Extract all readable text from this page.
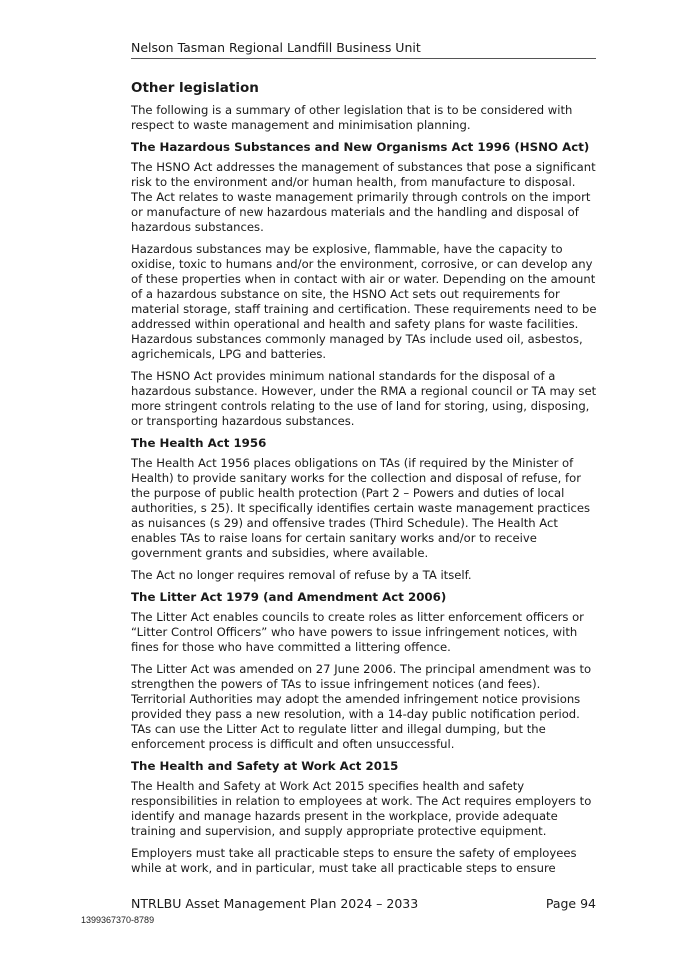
Nelson Tasman Regional Landfill Business Unit
Other legislation

The following is a summary of other legislation that is to be considered with respect to waste management and minimisation planning.

The Hazardous Substances and New Organisms Act 1996 (HSNO Act)

The HSNO Act addresses the management of substances that pose a significant risk to the environment and/or human health, from manufacture to disposal. The Act relates to waste management primarily through controls on the import or manufacture of new hazardous materials and the handling and disposal of hazardous substances.

Hazardous substances may be explosive, flammable, have the capacity to oxidise, toxic to humans and/or the environment, corrosive, or can develop any of these properties when in contact with air or water. Depending on the amount of a hazardous substance on site, the HSNO Act sets out requirements for material storage, staff training and certification. These requirements need to be addressed within operational and health and safety plans for waste facilities. Hazardous substances commonly managed by TAs include used oil, asbestos, agrichemicals, LPG and batteries.

The HSNO Act provides minimum national standards for the disposal of a hazardous substance. However, under the RMA a regional council or TA may set more stringent controls relating to the use of land for storing, using, disposing, or transporting hazardous substances.

The Health Act 1956

The Health Act 1956 places obligations on TAs (if required by the Minister of Health) to provide sanitary works for the collection and disposal of refuse, for the purpose of public health protection (Part 2 – Powers and duties of local authorities, s 25). It specifically identifies certain waste management practices as nuisances (s 29) and offensive trades (Third Schedule). The Health Act enables TAs to raise loans for certain sanitary works and/or to receive government grants and subsidies, where available.

The Act no longer requires removal of refuse by a TA itself.

The Litter Act 1979 (and Amendment Act 2006)

The Litter Act enables councils to create roles as litter enforcement officers or “Litter Control Officers” who have powers to issue infringement notices, with fines for those who have committed a littering offence.

The Litter Act was amended on 27 June 2006. The principal amendment was to strengthen the powers of TAs to issue infringement notices (and fees). Territorial Authorities may adopt the amended infringement notice provisions provided they pass a new resolution, with a 14-day public notification period. TAs can use the Litter Act to regulate litter and illegal dumping, but the enforcement process is difficult and often unsuccessful.

The Health and Safety at Work Act 2015

The Health and Safety at Work Act 2015 specifies health and safety responsibilities in relation to employees at work. The Act requires employers to identify and manage hazards present in the workplace, provide adequate training and supervision, and supply appropriate protective equipment.

Employers must take all practicable steps to ensure the safety of employees while at work, and in particular, must take all practicable steps to ensure

NTRLBU Asset Management Plan 2024 – 2033	Page 94
1399367370-8789
